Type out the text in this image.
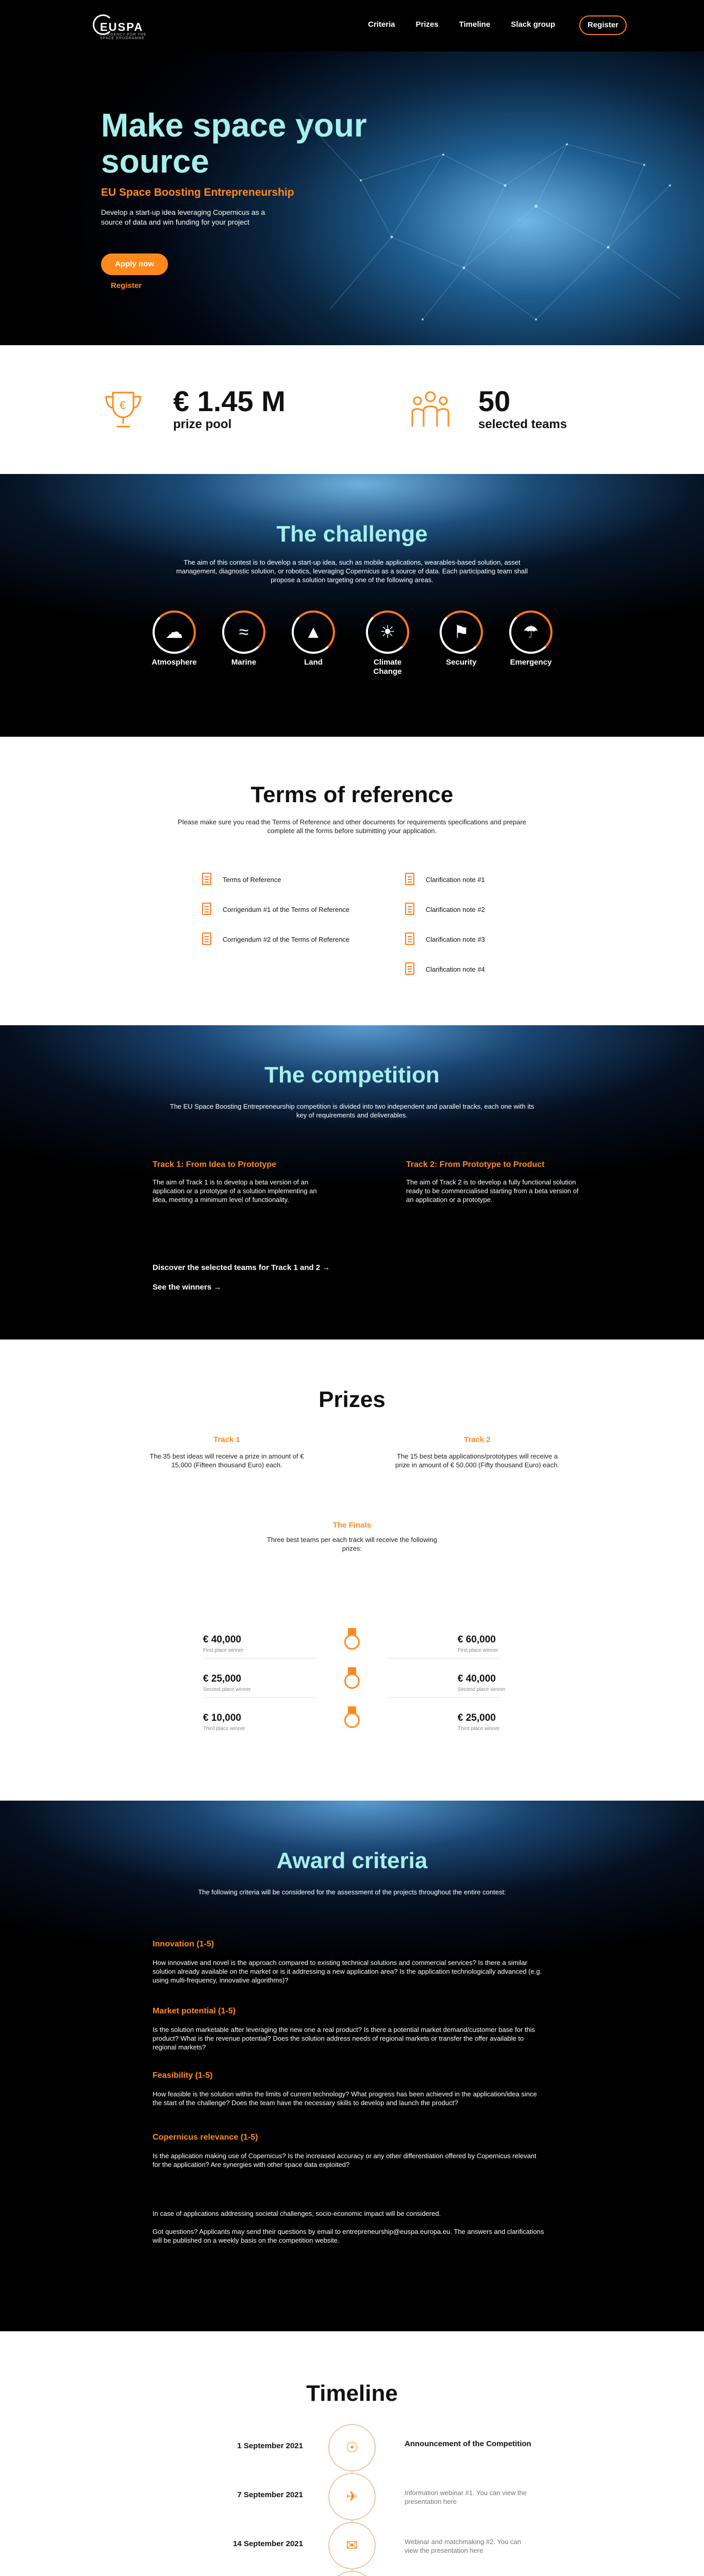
EUSPA
EU AGENCY FOR THE SPACE PROGRAMME
Criteria	Prizes	Timeline	Slack group	Register
Make space your source
EU Space Boosting Entrepreneurship

Develop a start-up idea leveraging Copernicus as a source of data and win funding for your project

Apply now
Register
€ € 1.45 M
prize pool
50
selected teams
The challenge

The aim of this contest is to develop a start-up idea, such as mobile applications, wearables-based solution, asset management, diagnostic solution, or robotics, leveraging Copernicus as a source of data. Each participating team shall propose a solution targeting one of the following areas.

☁
Atmosphere
≈
Marine
▲
Land
☀
Climate Change
⚑
Security
☂
Emergency
Terms of reference

Please make sure you read the Terms of Reference and other documents for requirements specifications and prepare complete all the forms before submitting your application.

Terms of Reference
Corrigendum #1 of the Terms of Reference
Corrigendum #2 of the Terms of Reference
Clarification note #1
Clarification note #2
Clarification note #3
Clarification note #4
The competition

The EU Space Boosting Entrepreneurship competition is divided into two independent and parallel tracks, each one with its key of requirements and deliverables.

Track 1: From Idea to Prototype

The aim of Track 1 is to develop a beta version of an application or a prototype of a solution implementing an idea, meeting a minimum level of functionality.

Track 2: From Prototype to Product

The aim of Track 2 is to develop a fully functional solution ready to be commercialised starting from a beta version of an application or a prototype.

Discover the selected teams for Track 1 and 2 →
See the winners →
Prizes
Track 1
The 35 best ideas will receive a prize in amount of € 15,000 (Fifteen thousand Euro) each.
Track 2
The 15 best beta applications/prototypes will receive a prize in amount of € 50,000 (Fifty thousand Euro) each.
The Finals
Three best teams per each track will receive the following prizes:
€ 40,000
First place winner
€ 25,000
Second place winner
€ 10,000
Third place winner
€ 60,000
First place winner
€ 40,000
Second place winner
€ 25,000
Third place winner
Award criteria

The following criteria will be considered for the assessment of the projects throughout the entire contest:

Innovation (1-5)

How innovative and novel is the approach compared to existing technical solutions and commercial services? Is there a similar solution already available on the market or is it addressing a new application area? Is the application technologically advanced (e.g. using multi-frequency, innovative algorithms)?

Market potential (1-5)

Is the solution marketable after leveraging the new one a real product? Is there a potential market demand/customer base for this product? What is the revenue potential? Does the solution address needs of regional markets or transfer the offer available to regional markets?

Feasibility (1-5)

How feasible is the solution within the limits of current technology? What progress has been achieved in the application/idea since the start of the challenge? Does the team have the necessary skills to develop and launch the product?

Copernicus relevance (1-5)

Is the application making use of Copernicus? Is the increased accuracy or any other differentiation offered by Copernicus relevant for the application? Are synergies with other space data exploited?

In case of applications addressing societal challenges, socio-economic impact will be considered.
Got questions? Applicants may send their questions by email to entrepreneurship@euspa.europa.eu. The answers and clarifications will be published on a weekly basis on the competition website.
Timeline
1 September 2021	☉	Announcement of the Competition
7 September 2021	✈	Information webinar #1. You can view the presentation here
14 September 2021	✉	Webinar and matchmaking #2. You can view the presentation here
